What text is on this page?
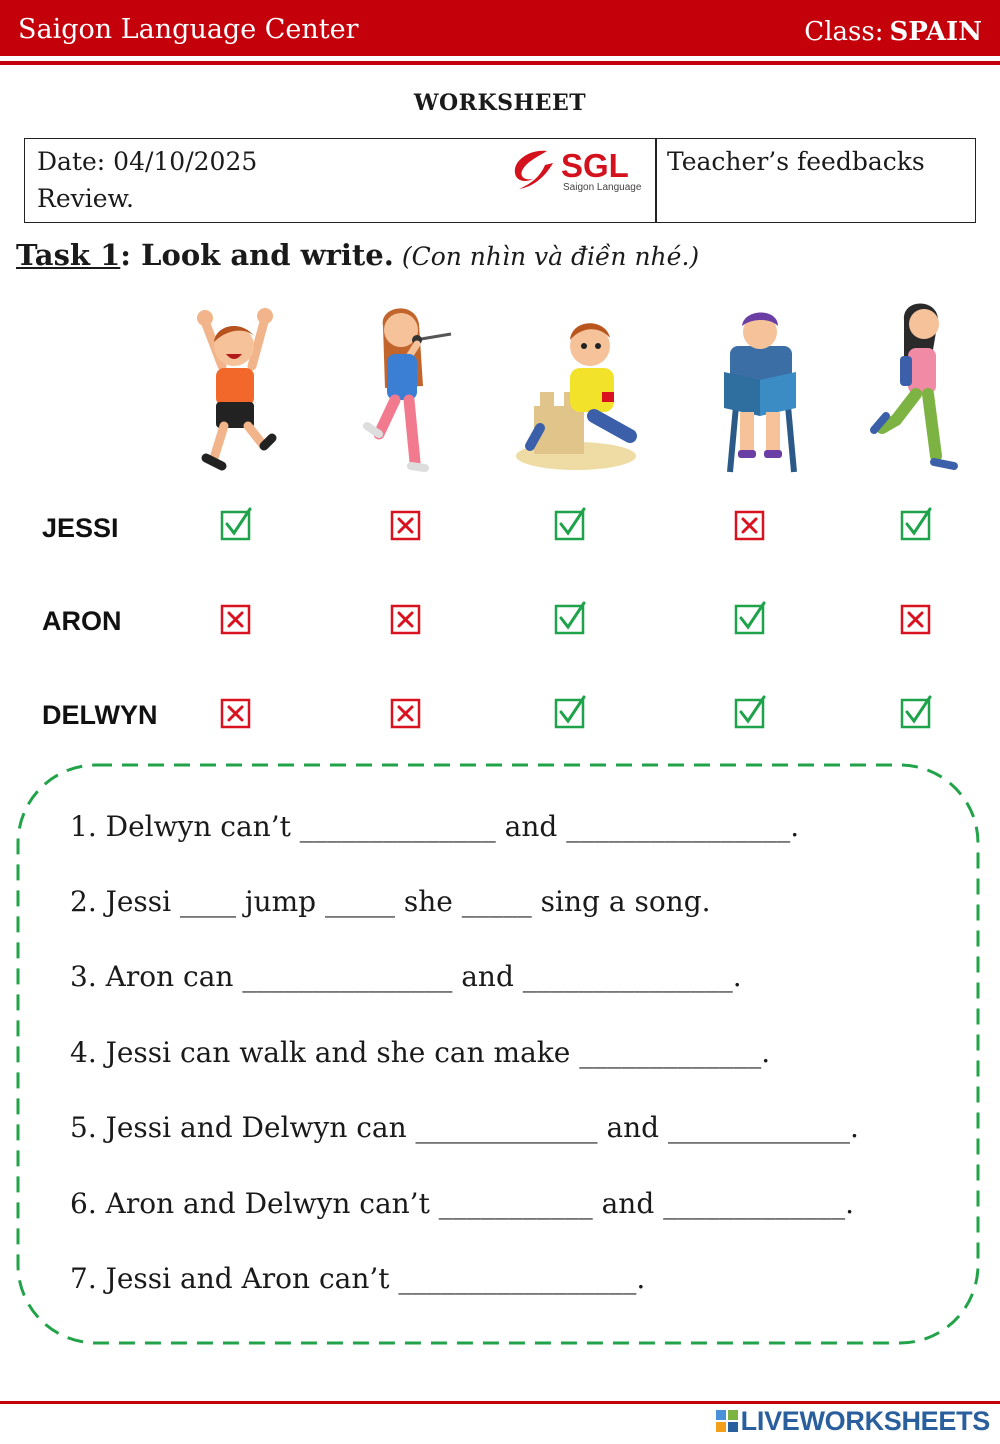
Saigon Language Center	Class: SPAIN
WORKSHEET
Date: 04/10/2025
Review.
SGL
Saigon Language
Teacher’s feedbacks
Task 1: Look and write. (Con nhìn và điền nhé.)
JESSI
ARON
DELWYN
1. Delwyn can’t ______________ and ________________.
2. Jessi ____ jump _____ she _____ sing a song.
3. Aron can _______________ and _______________.
4. Jessi can walk and she can make _____________.
5. Jessi and Delwyn can _____________ and _____________.
6. Aron and Delwyn can’t ___________ and _____________.
7. Jessi and Aron can’t _________________.
LIVEWORKSHEETS
